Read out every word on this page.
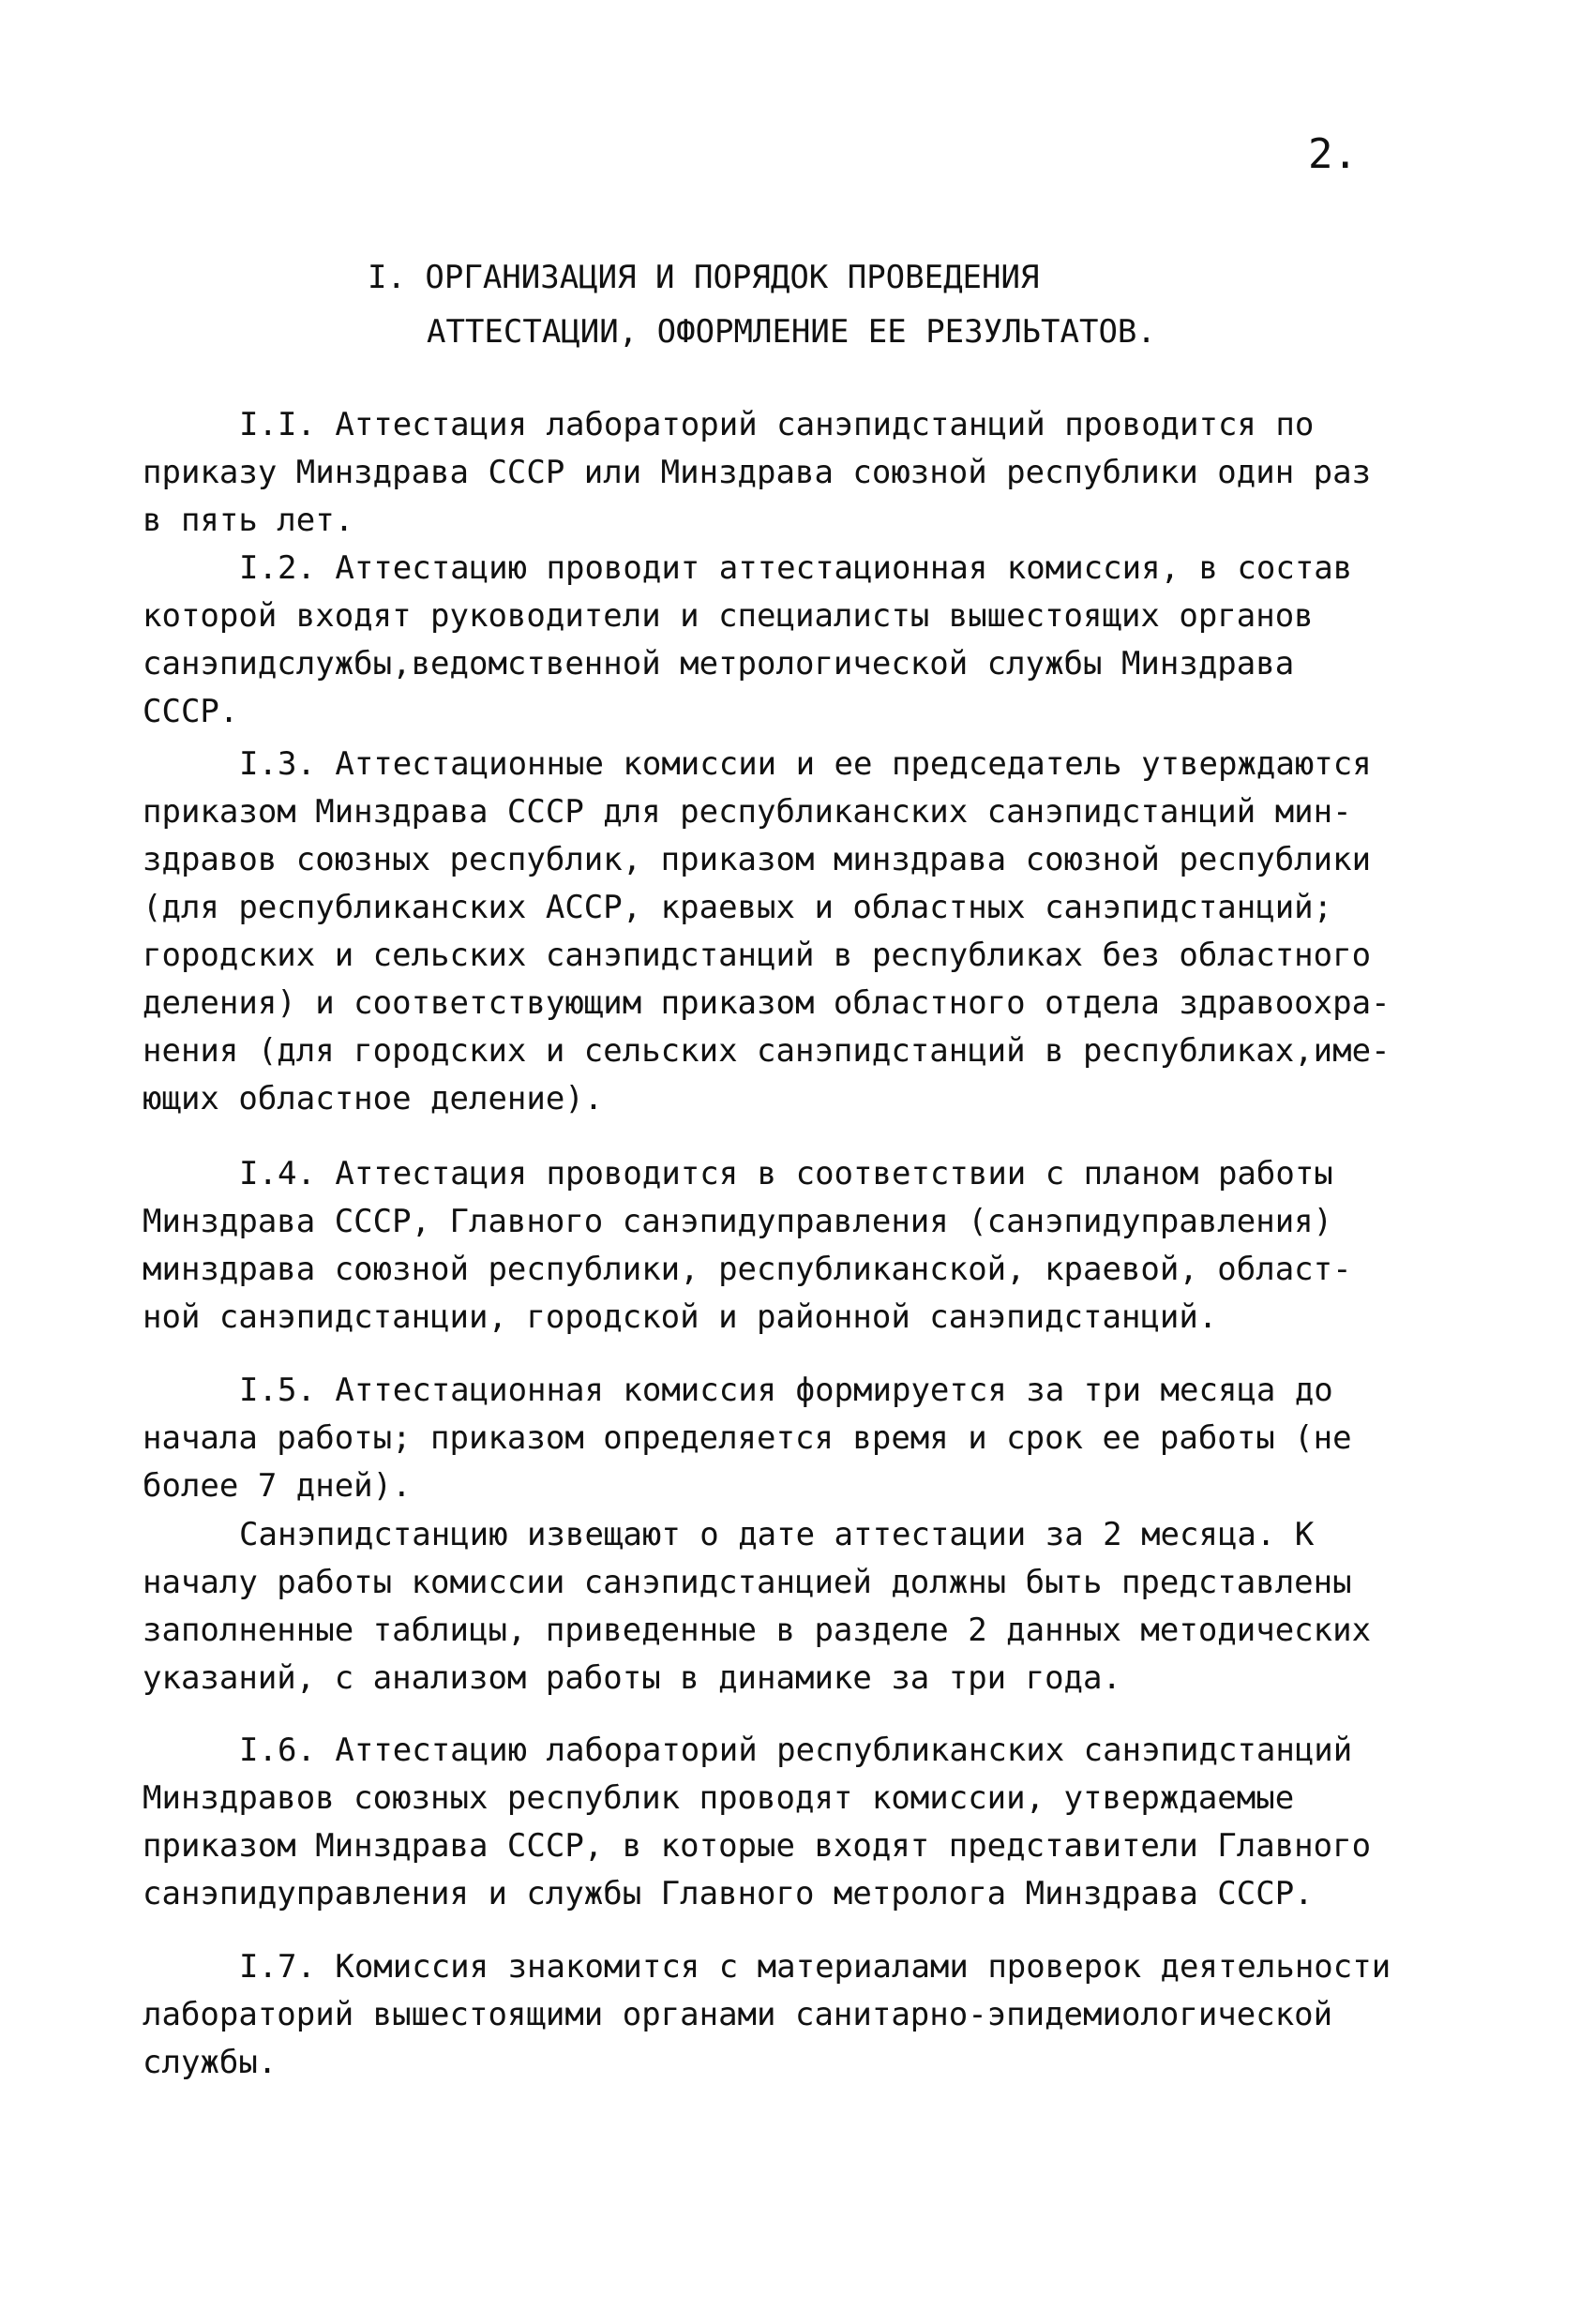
2.
I. ОРГАНИЗАЦИЯ И ПОРЯДОК ПРОВЕДЕНИЯ
АТТЕСТАЦИИ, ОФОРМЛЕНИЕ ЕЕ РЕЗУЛЬТАТОВ.
I.I. Аттестация лабораторий санэпидстанций проводится по
приказу Минздрава СССР или Минздрава союзной республики один раз
в пять лет.
I.2. Аттестацию проводит аттестационная комиссия, в состав
которой входят руководители и специалисты вышестоящих органов
санэпидслужбы,ведомственной метрологической службы Минздрава
СССР.
I.3. Аттестационные комиссии и ее председатель утверждаются
приказом Минздрава СССР для республиканских санэпидстанций мин-
здравов союзных республик, приказом минздрава союзной республики
(для республиканских АССР, краевых и областных санэпидстанций;
городских и сельских санэпидстанций в республиках без областного
деления) и соответствующим приказом областного отдела здравоохра-
нения (для городских и сельских санэпидстанций в республиках,име-
ющих областное деление).
I.4. Аттестация проводится в соответствии с планом работы
Минздрава СССР, Главного санэпидуправления (санэпидуправления)
минздрава союзной республики, республиканской, краевой, област-
ной санэпидстанции, городской и районной санэпидстанций.
I.5. Аттестационная комиссия формируется за три месяца до
начала работы; приказом определяется время и срок ее работы (не
более 7 дней).
Санэпидстанцию извещают о дате аттестации за 2 месяца. К
началу работы комиссии санэпидстанцией должны быть представлены
заполненные таблицы, приведенные в разделе 2 данных методических
указаний, с анализом работы в динамике за три года.
I.6. Аттестацию лабораторий республиканских санэпидстанций
Минздравов союзных республик проводят комиссии, утверждаемые
приказом Минздрава СССР, в которые входят представители Главного
санэпидуправления и службы Главного метролога Минздрава СССР.
I.7. Комиссия знакомится с материалами проверок деятельности
лабораторий вышестоящими органами санитарно-эпидемиологической
службы.
